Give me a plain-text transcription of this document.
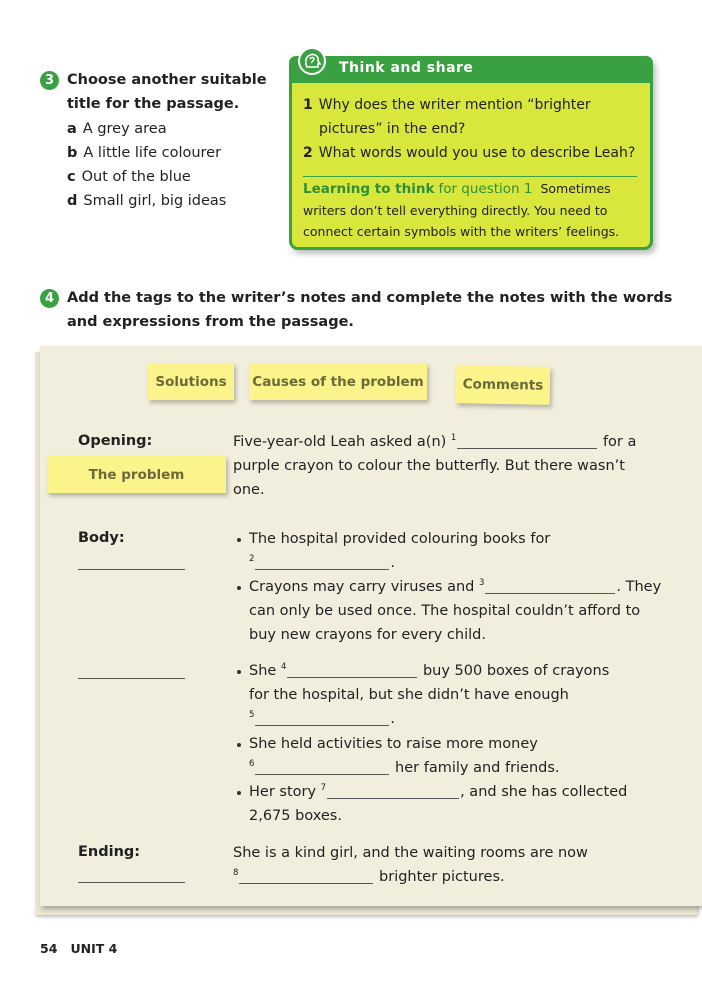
3 Choose another suitable
title for the passage.
a A grey area
b A little life colourer
c Out of the blue
d Small girl, big ideas
Think and share
1 Why does the writer mention “brighter
pictures” in the end?
2 What words would you use to describe Leah?
Learning to think for question 1 Sometimes
writers don’t tell everything directly. You need to
connect certain symbols with the writers’ feelings.
4 Add the tags to the writer’s notes and complete the notes with the words
and expressions from the passage.
Solutions	Causes of the problem	Comments
The problem
Opening:	Five-year-old Leah asked a(n) $^1$	for a
purple crayon to colour the butterfly. But there wasn’t
one.
Body:	The hospital provided colouring books for
$^2$	.
Crayons may carry viruses and $^3$	. They
can only be used once. The hospital couldn’t afford to
buy new crayons for every child.
She $^4$	buy 500 boxes of crayons
for the hospital, but she didn’t have enough
$^5$	.
She held activities to raise more money
$^6$	her family and friends.
Her story $^7$	, and she has collected
2,675 boxes.
Ending:	She is a kind girl, and the waiting rooms are now
$^8$	brighter pictures.
54 UNIT 4
